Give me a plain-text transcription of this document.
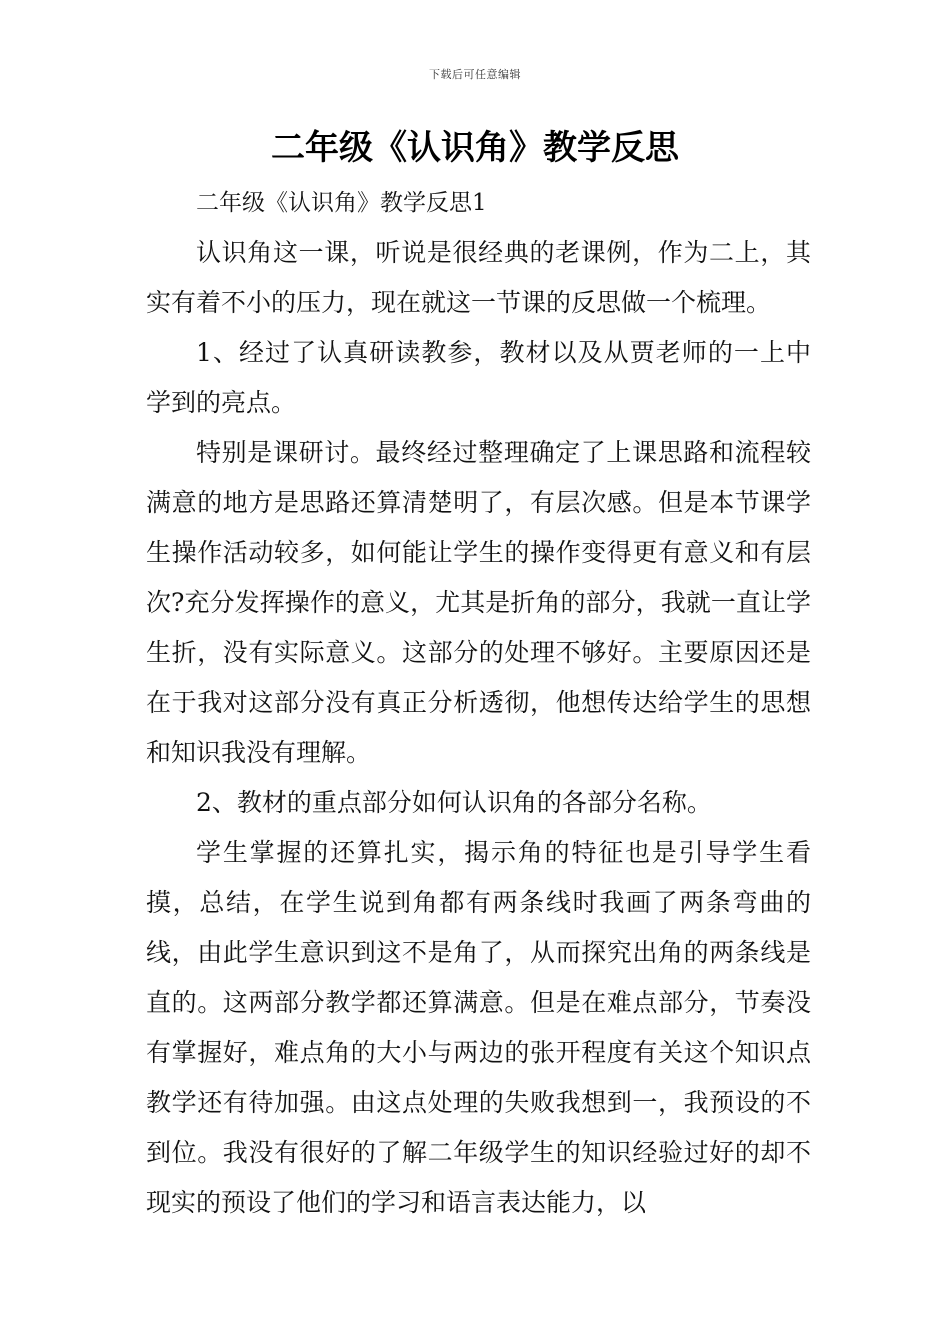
下载后可任意编辑
二年级《认识角》教学反思

二年级《认识角》教学反思1

认识角这一课，听说是很经典的老课例，作为二上，其实有着不小的压力，现在就这一节课的反思做一个梳理。

1、经过了认真研读教参，教材以及从贾老师的一上中学到的亮点。

特别是课研讨。最终经过整理确定了上课思路和流程较满意的地方是思路还算清楚明了，有层次感。但是本节课学生操作活动较多，如何能让学生的操作变得更有意义和有层次?充分发挥操作的意义，尤其是折角的部分，我就一直让学生折，没有实际意义。这部分的处理不够好。主要原因还是在于我对这部分没有真正分析透彻，他想传达给学生的思想和知识我没有理解。

2、教材的重点部分如何认识角的各部分名称。

学生掌握的还算扎实，揭示角的特征也是引导学生看摸，总结，在学生说到角都有两条线时我画了两条弯曲的线，由此学生意识到这不是角了，从而探究出角的两条线是直的。这两部分教学都还算满意。但是在难点部分，节奏没有掌握好，难点角的大小与两边的张开程度有关这个知识点教学还有待加强。由这点处理的失败我想到一，我预设的不到位。我没有很好的了解二年级学生的知识经验过好的却不现实的预设了他们的学习和语言表达能力，以
